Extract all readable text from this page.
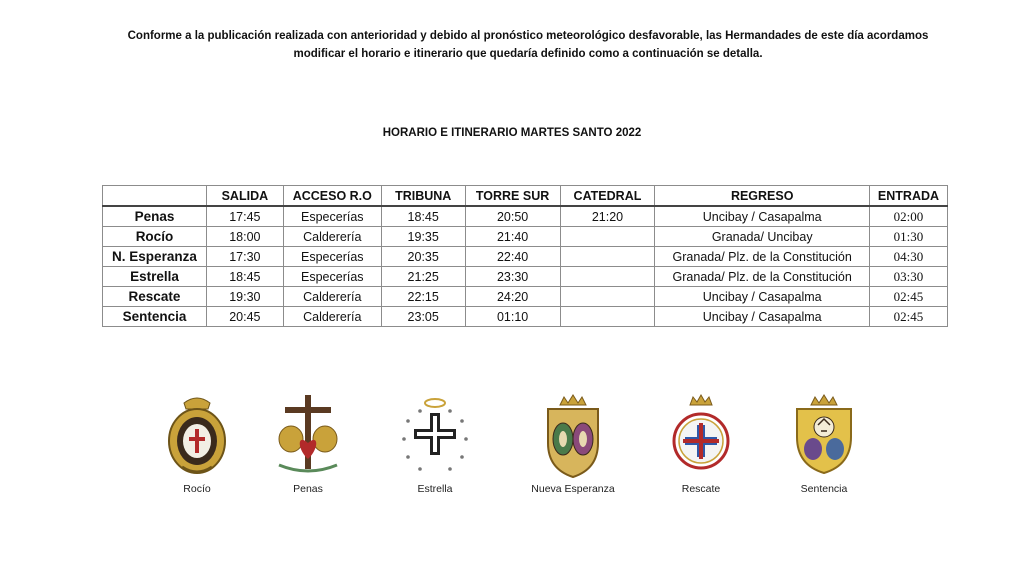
Conforme a la publicación realizada con anterioridad y debido al pronóstico meteorológico desfavorable, las Hermandades de este día acordamos
modificar el horario e itinerario que quedaría definido como a continuación se detalla.
HORARIO E ITINERARIO MARTES SANTO 2022
	SALIDA	ACCESO R.O	TRIBUNA	TORRE SUR	CATEDRAL	REGRESO	ENTRADA
Penas	17:45	Especerías	18:45	20:50	21:20	Uncibay / Casapalma	02:00
Rocío	18:00	Calderería	19:35	21:40		Granada/ Uncibay	01:30
N. Esperanza	17:30	Especerías	20:35	22:40		Granada/ Plz. de la Constitución	04:30
Estrella	18:45	Especerías	21:25	23:30		Granada/ Plz. de la Constitución	03:30
Rescate	19:30	Calderería	22:15	24:20		Uncibay / Casapalma	02:45
Sentencia	20:45	Calderería	23:05	01:10		Uncibay / Casapalma	02:45
Rocío	Penas	Estrella	Nueva Esperanza	Rescate	Sentencia
